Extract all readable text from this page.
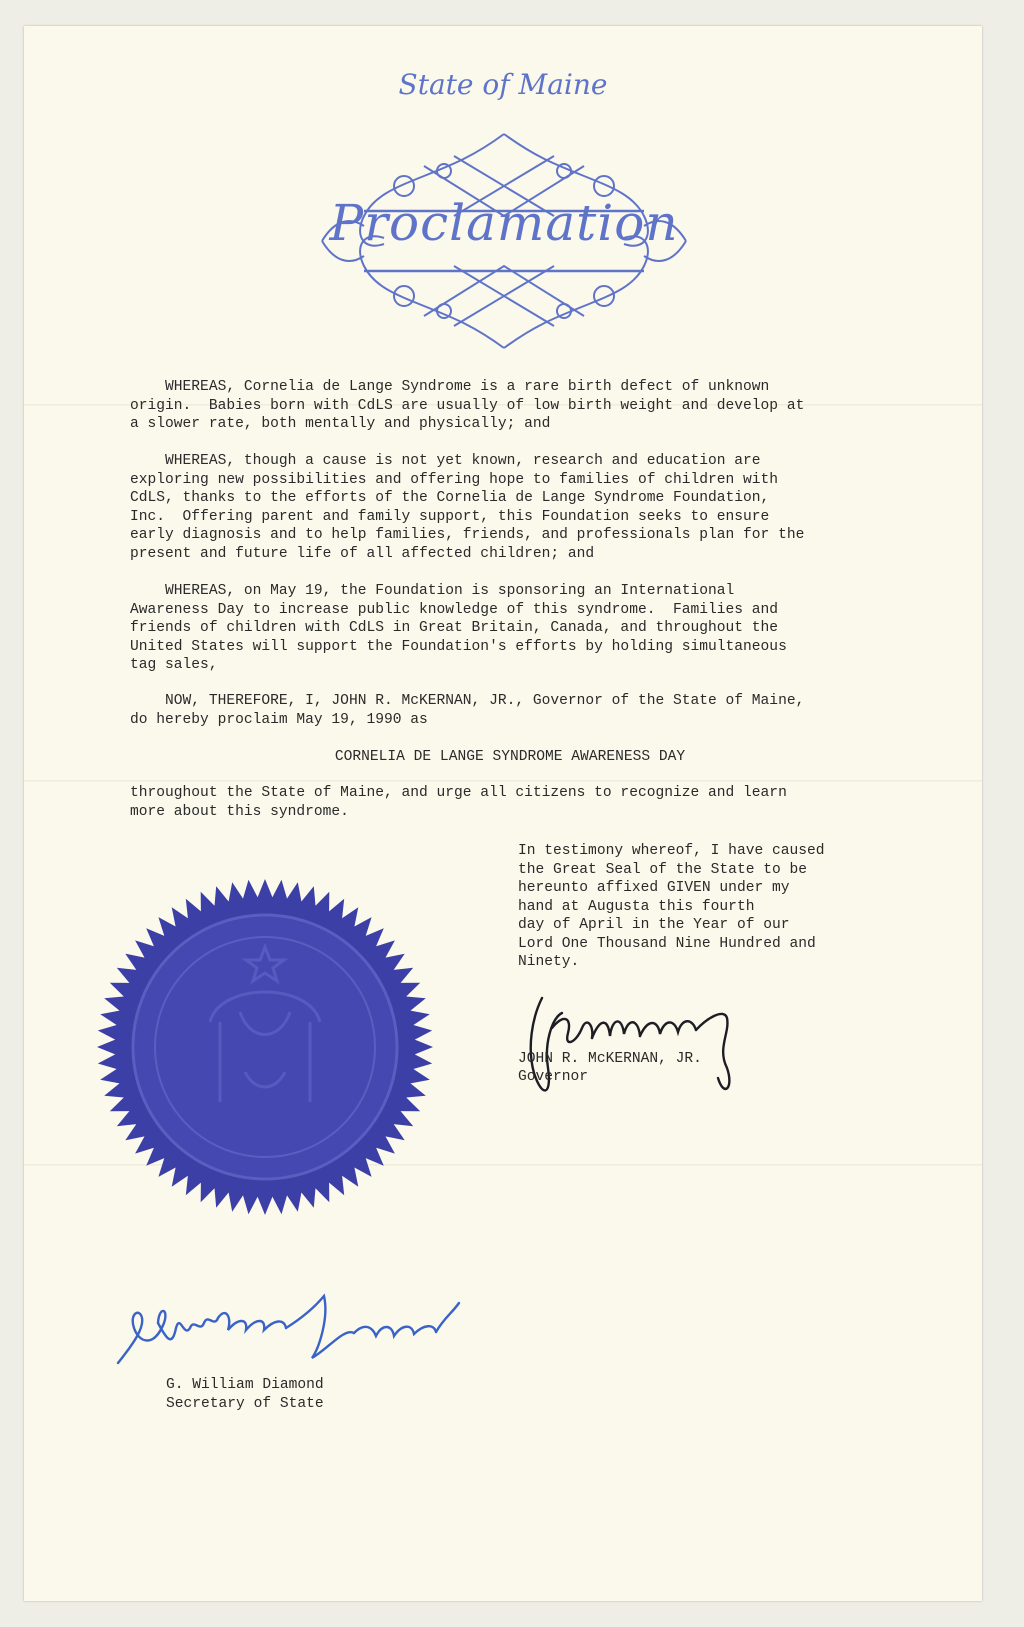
State of Maine
Proclamation
WHEREAS, Cornelia de Lange Syndrome is a rare birth defect of unknown
origin.  Babies born with CdLS are usually of low birth weight and develop at
a slower rate, both mentally and physically; and
WHEREAS, though a cause is not yet known, research and education are
exploring new possibilities and offering hope to families of children with
CdLS, thanks to the efforts of the Cornelia de Lange Syndrome Foundation,
Inc.  Offering parent and family support, this Foundation seeks to ensure
early diagnosis and to help families, friends, and professionals plan for the
present and future life of all affected children; and
WHEREAS, on May 19, the Foundation is sponsoring an International
Awareness Day to increase public knowledge of this syndrome.  Families and
friends of children with CdLS in Great Britain, Canada, and throughout the
United States will support the Foundation's efforts by holding simultaneous
tag sales,
NOW, THEREFORE, I, JOHN R. McKERNAN, JR., Governor of the State of Maine,
do hereby proclaim May 19, 1990 as
CORNELIA DE LANGE SYNDROME AWARENESS DAY
throughout the State of Maine, and urge all citizens to recognize and learn
more about this syndrome.
In testimony whereof, I have caused
the Great Seal of the State to be
hereunto affixed GIVEN under my
hand at Augusta this fourth
day of April in the Year of our
Lord One Thousand Nine Hundred and
Ninety.
JOHN R. McKERNAN, JR.
Governor
G. William Diamond
Secretary of State
